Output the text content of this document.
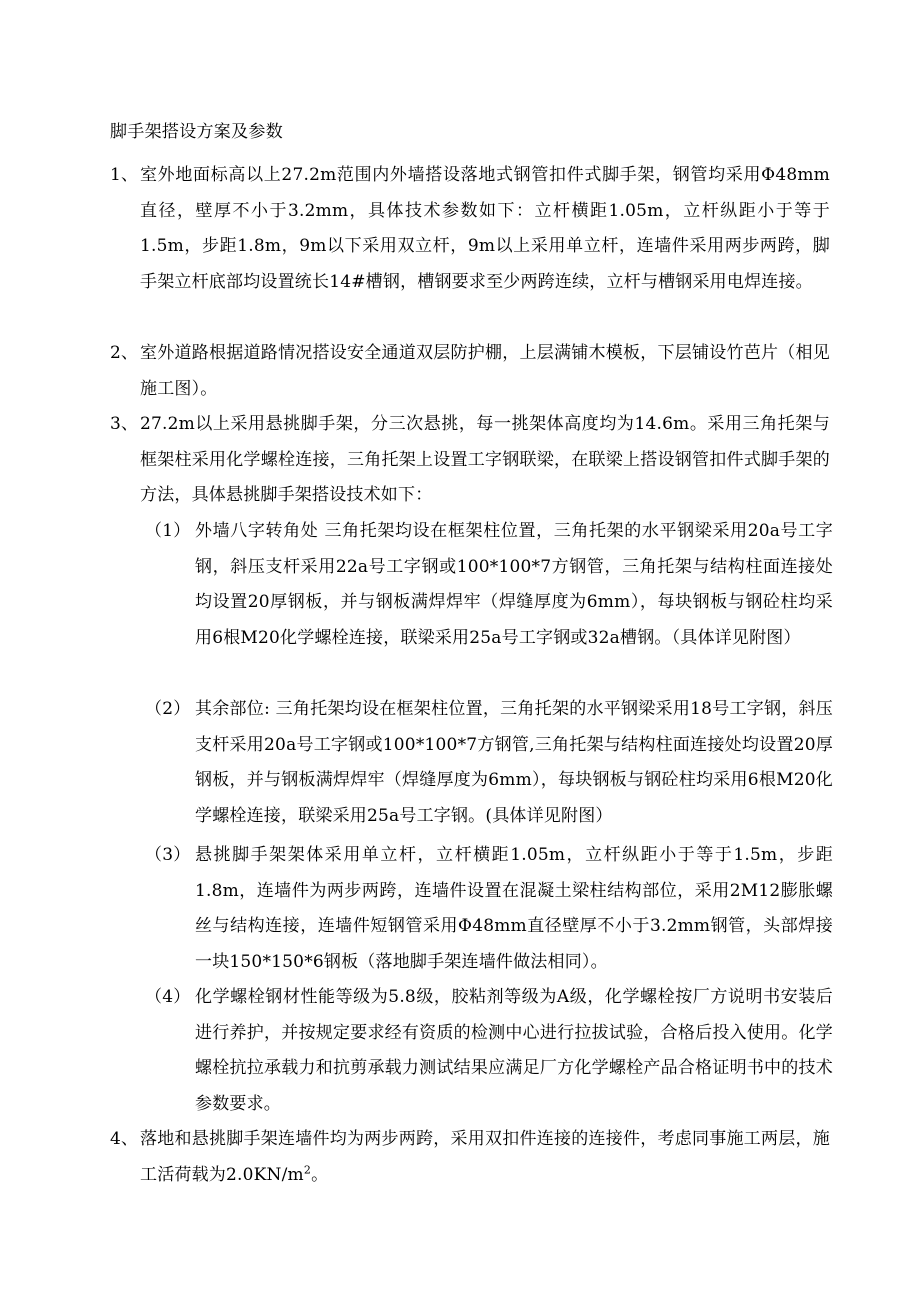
脚手架搭设方案及参数
1、 室外地面标高以上27.2m范围内外墙搭设落地式钢管扣件式脚手架，钢管均采用Φ48mm直径，壁厚不小于3.2mm，具体技术参数如下：立杆横距1.05m，立杆纵距小于等于1.5m，步距1.8m，9m以下采用双立杆，9m以上采用单立杆，连墙件采用两步两跨，脚手架立杆底部均设置统长14#槽钢，槽钢要求至少两跨连续，立杆与槽钢采用电焊连接。
2、 室外道路根据道路情况搭设安全通道双层防护棚，上层满铺木模板，下层铺设竹芭片（相见施工图）。
3、 27.2m以上采用悬挑脚手架，分三次悬挑，每一挑架体高度均为14.6m。采用三角托架与框架柱采用化学螺栓连接，三角托架上设置工字钢联梁，在联梁上搭设钢管扣件式脚手架的方法，具体悬挑脚手架搭设技术如下：
（1） 外墙八字转角处 三角托架均设在框架柱位置，三角托架的水平钢梁采用20a号工字钢，斜压支杆采用22a号工字钢或100*100*7方钢管，三角托架与结构柱面连接处均设置20厚钢板，并与钢板满焊焊牢（焊缝厚度为6mm），每块钢板与钢砼柱均采用6根M20化学螺栓连接，联梁采用25a号工字钢或32a槽钢。（具体详见附图）
（2） 其余部位: 三角托架均设在框架柱位置，三角托架的水平钢梁采用18号工字钢，斜压支杆采用20a号工字钢或100*100*7方钢管,三角托架与结构柱面连接处均设置20厚钢板，并与钢板满焊焊牢（焊缝厚度为6mm），每块钢板与钢砼柱均采用6根M20化学螺栓连接，联梁采用25a号工字钢。(具体详见附图）
（3） 悬挑脚手架架体采用单立杆，立杆横距1.05m，立杆纵距小于等于1.5m，步距1.8m，连墙件为两步两跨，连墙件设置在混凝土梁柱结构部位，采用2M12膨胀螺丝与结构连接，连墙件短钢管采用Φ48mm直径壁厚不小于3.2mm钢管，头部焊接一块150*150*6钢板（落地脚手架连墙件做法相同）。
（4） 化学螺栓钢材性能等级为5.8级，胶粘剂等级为A级，化学螺栓按厂方说明书安装后进行养护，并按规定要求经有资质的检测中心进行拉拔试验，合格后投入使用。化学螺栓抗拉承载力和抗剪承载力测试结果应满足厂方化学螺栓产品合格证明书中的技术参数要求。
4、 落地和悬挑脚手架连墙件均为两步两跨，采用双扣件连接的连接件，考虑同事施工两层，施工活荷载为$2.0KN/m^2$。
